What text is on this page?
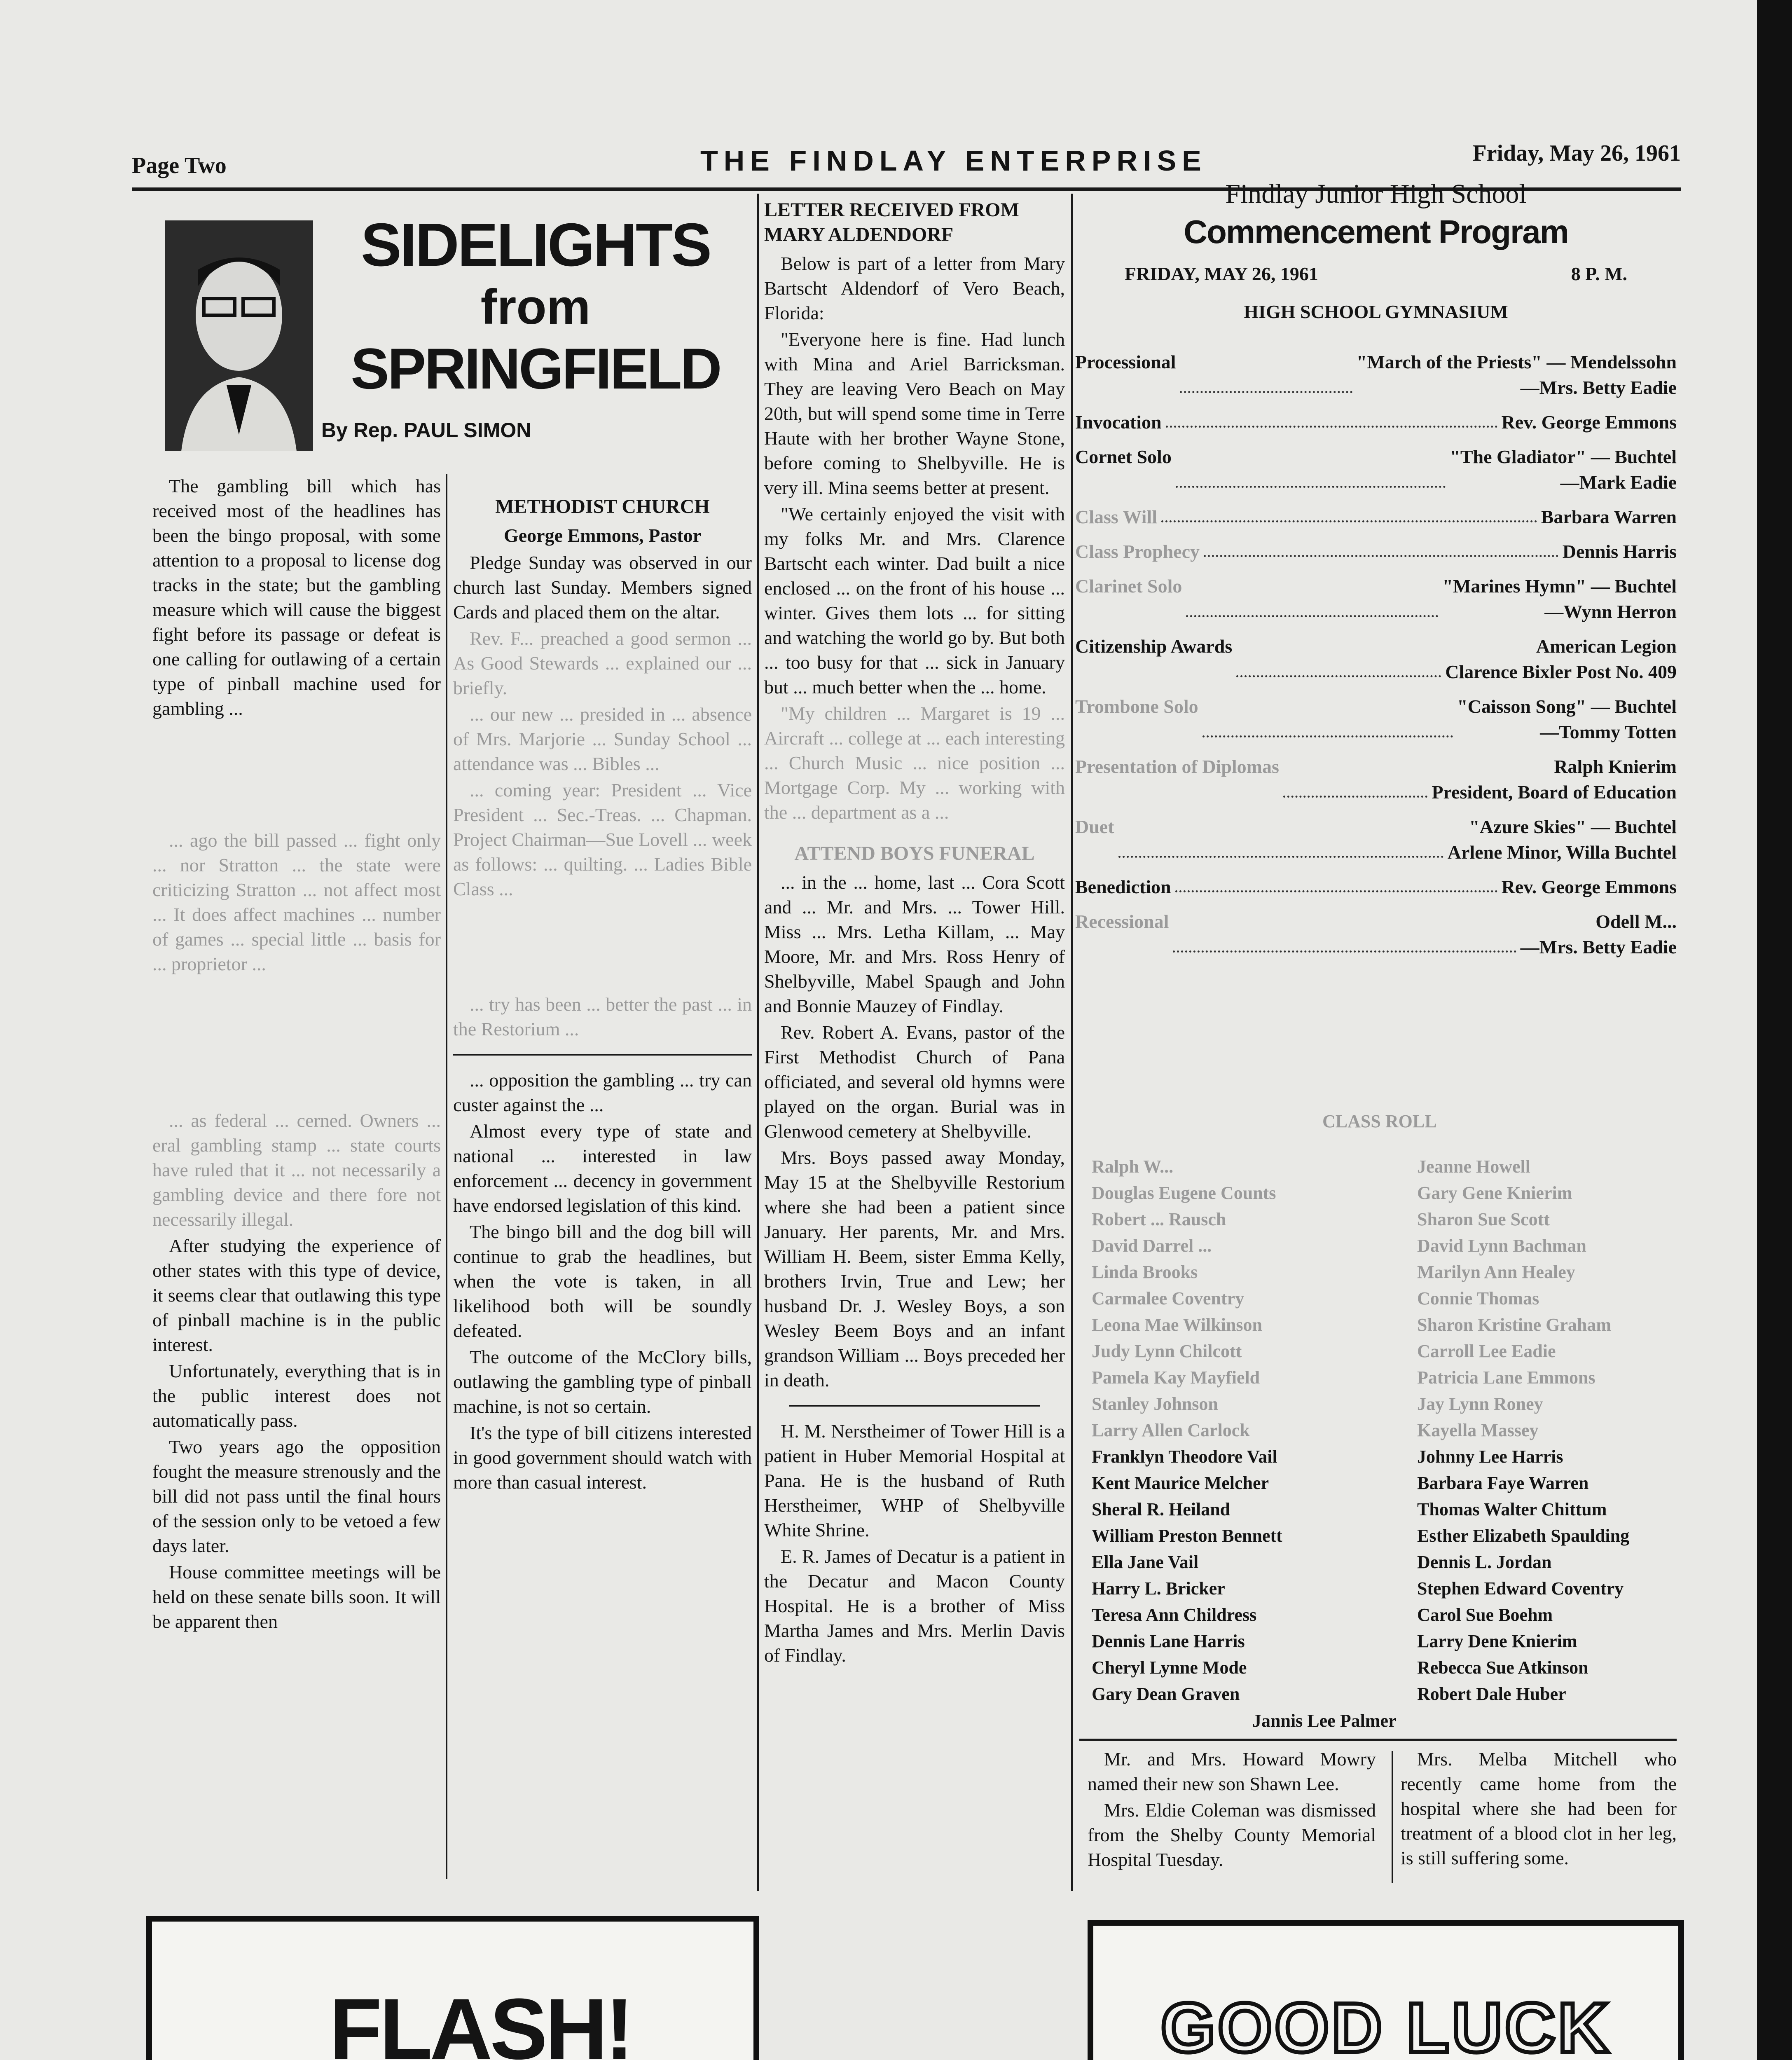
Page Two	THE FINDLAY ENTERPRISE	Friday, May 26, 1961
SIDELIGHTS
from
SPRINGFIELD
By Rep. PAUL SIMON

The gambling bill which has received most of the headlines has been the bingo proposal, with some attention to a proposal to license dog tracks in the state; but the gambling measure which will cause the biggest fight before its passage or defeat is one calling for outlawing of a certain type of pinball machine used for gambling ...

... ago the bill passed ... fight only ... nor Stratton ... the state were criticizing Stratton ... not affect most ... It does affect machines ... number of games ... special little ... basis for ... proprietor ...

... as federal ... cerned. Owners ... eral gambling stamp ... state courts have ruled that it ... not necessarily a gambling device and there fore not necessarily illegal.

After studying the experience of other states with this type of device, it seems clear that outlawing this type of pinball machine is in the public interest.

Unfortunately, everything that is in the public interest does not automatically pass.

Two years ago the opposition fought the measure strenously and the bill did not pass until the final hours of the session only to be vetoed a few days later.

House committee meetings will be held on these senate bills soon. It will be apparent then

METHODIST CHURCH
George Emmons, Pastor

Pledge Sunday was observed in our church last Sunday. Members signed Cards and placed them on the altar.

Rev. F... preached a good sermon ... As Good Stewards ... explained our ... briefly.

... our new ... presided in ... absence of Mrs. Marjorie ... Sunday School ... attendance was ... Bibles ...

... coming year: President ... Vice President ... Sec.-Treas. ... Chapman. Project Chairman—Sue Lovell ... week as follows: ... quilting. ... Ladies Bible Class ...

... try has been ... better the past ... in the Restorium ...

... opposition the gambling ... try can custer against the ...

Almost every type of state and national ... interested in law enforcement ... decency in government have endorsed legislation of this kind.

The bingo bill and the dog bill will continue to grab the headlines, but when the vote is taken, in all likelihood both will be soundly defeated.

The outcome of the McClory bills, outlawing the gambling type of pinball machine, is not so certain.

It's the type of bill citizens interested in good government should watch with more than casual interest.

LETTER RECEIVED FROM MARY ALDENDORF

Below is part of a letter from Mary Bartscht Aldendorf of Vero Beach, Florida:

"Everyone here is fine. Had lunch with Mina and Ariel Barricksman. They are leaving Vero Beach on May 20th, but will spend some time in Terre Haute with her brother Wayne Stone, before coming to Shelbyville. He is very ill. Mina seems better at present.

"We certainly enjoyed the visit with my folks Mr. and Mrs. Clarence Bartscht each winter. Dad built a nice enclosed ... on the front of his house ... winter. Gives them lots ... for sitting and watching the world go by. But both ... too busy for that ... sick in January but ... much better when the ... home.

"My children ... Margaret is 19 ... Aircraft ... college at ... each interesting ... Church Music ... nice position ... Mortgage Corp. My ... working with the ... department as a ...

ATTEND BOYS FUNERAL

... in the ... home, last ... Cora Scott and ... Mr. and Mrs. ... Tower Hill. Miss ... Mrs. Letha Killam, ... May Moore, Mr. and Mrs. Ross Henry of Shelbyville, Mabel Spaugh and John and Bonnie Mauzey of Findlay.

Rev. Robert A. Evans, pastor of the First Methodist Church of Pana officiated, and several old hymns were played on the organ. Burial was in Glenwood cemetery at Shelbyville.

Mrs. Boys passed away Monday, May 15 at the Shelbyville Restorium where she had been a patient since January. Her parents, Mr. and Mrs. William H. Beem, sister Emma Kelly, brothers Irvin, True and Lew; her husband Dr. J. Wesley Boys, a son Wesley Beem Boys and an infant grandson William ... Boys preceded her in death.

H. M. Nerstheimer of Tower Hill is a patient in Huber Memorial Hospital at Pana. He is the husband of Ruth Herstheimer, WHP of Shelbyville White Shrine.

E. R. James of Decatur is a patient in the Decatur and Macon County Hospital. He is a brother of Miss Martha James and Mrs. Merlin Davis of Findlay.

Findlay Junior High School
Commencement Program
FRIDAY, MAY 26, 1961	8 P. M.
HIGH SCHOOL GYMNASIUM
Processional	"March of the Priests" — Mendelssohn
—Mrs. Betty Eadie
Invocation	Rev. George Emmons
Cornet Solo	"The Gladiator" — Buchtel
—Mark Eadie
Class Will	Barbara Warren
Class Prophecy	Dennis Harris
Clarinet Solo	"Marines Hymn" — Buchtel
—Wynn Herron
Citizenship Awards	American Legion
Clarence Bixler Post No. 409
Trombone Solo	"Caisson Song" — Buchtel
—Tommy Totten
Presentation of Diplomas	Ralph Knierim
President, Board of Education
Duet	"Azure Skies" — Buchtel
Arlene Minor, Willa Buchtel
Benediction	Rev. George Emmons
Recessional	Odell M...
—Mrs. Betty Eadie
CLASS ROLL
Ralph W...
Douglas Eugene Counts
Robert ... Rausch
David Darrel ...
Linda Brooks
Carmalee Coventry
Leona Mae Wilkinson
Judy Lynn Chilcott
Pamela Kay Mayfield
Stanley Johnson
Larry Allen Carlock
Franklyn Theodore Vail
Kent Maurice Melcher
Sheral R. Heiland
William Preston Bennett
Ella Jane Vail
Harry L. Bricker
Teresa Ann Childress
Dennis Lane Harris
Cheryl Lynne Mode
Gary Dean Graven
Jeanne Howell
Gary Gene Knierim
Sharon Sue Scott
David Lynn Bachman
Marilyn Ann Healey
Connie Thomas
Sharon Kristine Graham
Carroll Lee Eadie
Patricia Lane Emmons
Jay Lynn Roney
Kayella Massey
Johnny Lee Harris
Barbara Faye Warren
Thomas Walter Chittum
Esther Elizabeth Spaulding
Dennis L. Jordan
Stephen Edward Coventry
Carol Sue Boehm
Larry Dene Knierim
Rebecca Sue Atkinson
Robert Dale Huber
Jannis Lee Palmer

Mr. and Mrs. Howard Mowry named their new son Shawn Lee.

Mrs. Eldie Coleman was dismissed from the Shelby County Memorial Hospital Tuesday.

Mrs. Melba Mitchell who recently came home from the hospital where she had been for treatment of a blood clot in her leg, is still suffering some.

FLASH!	GOOD LUCK
